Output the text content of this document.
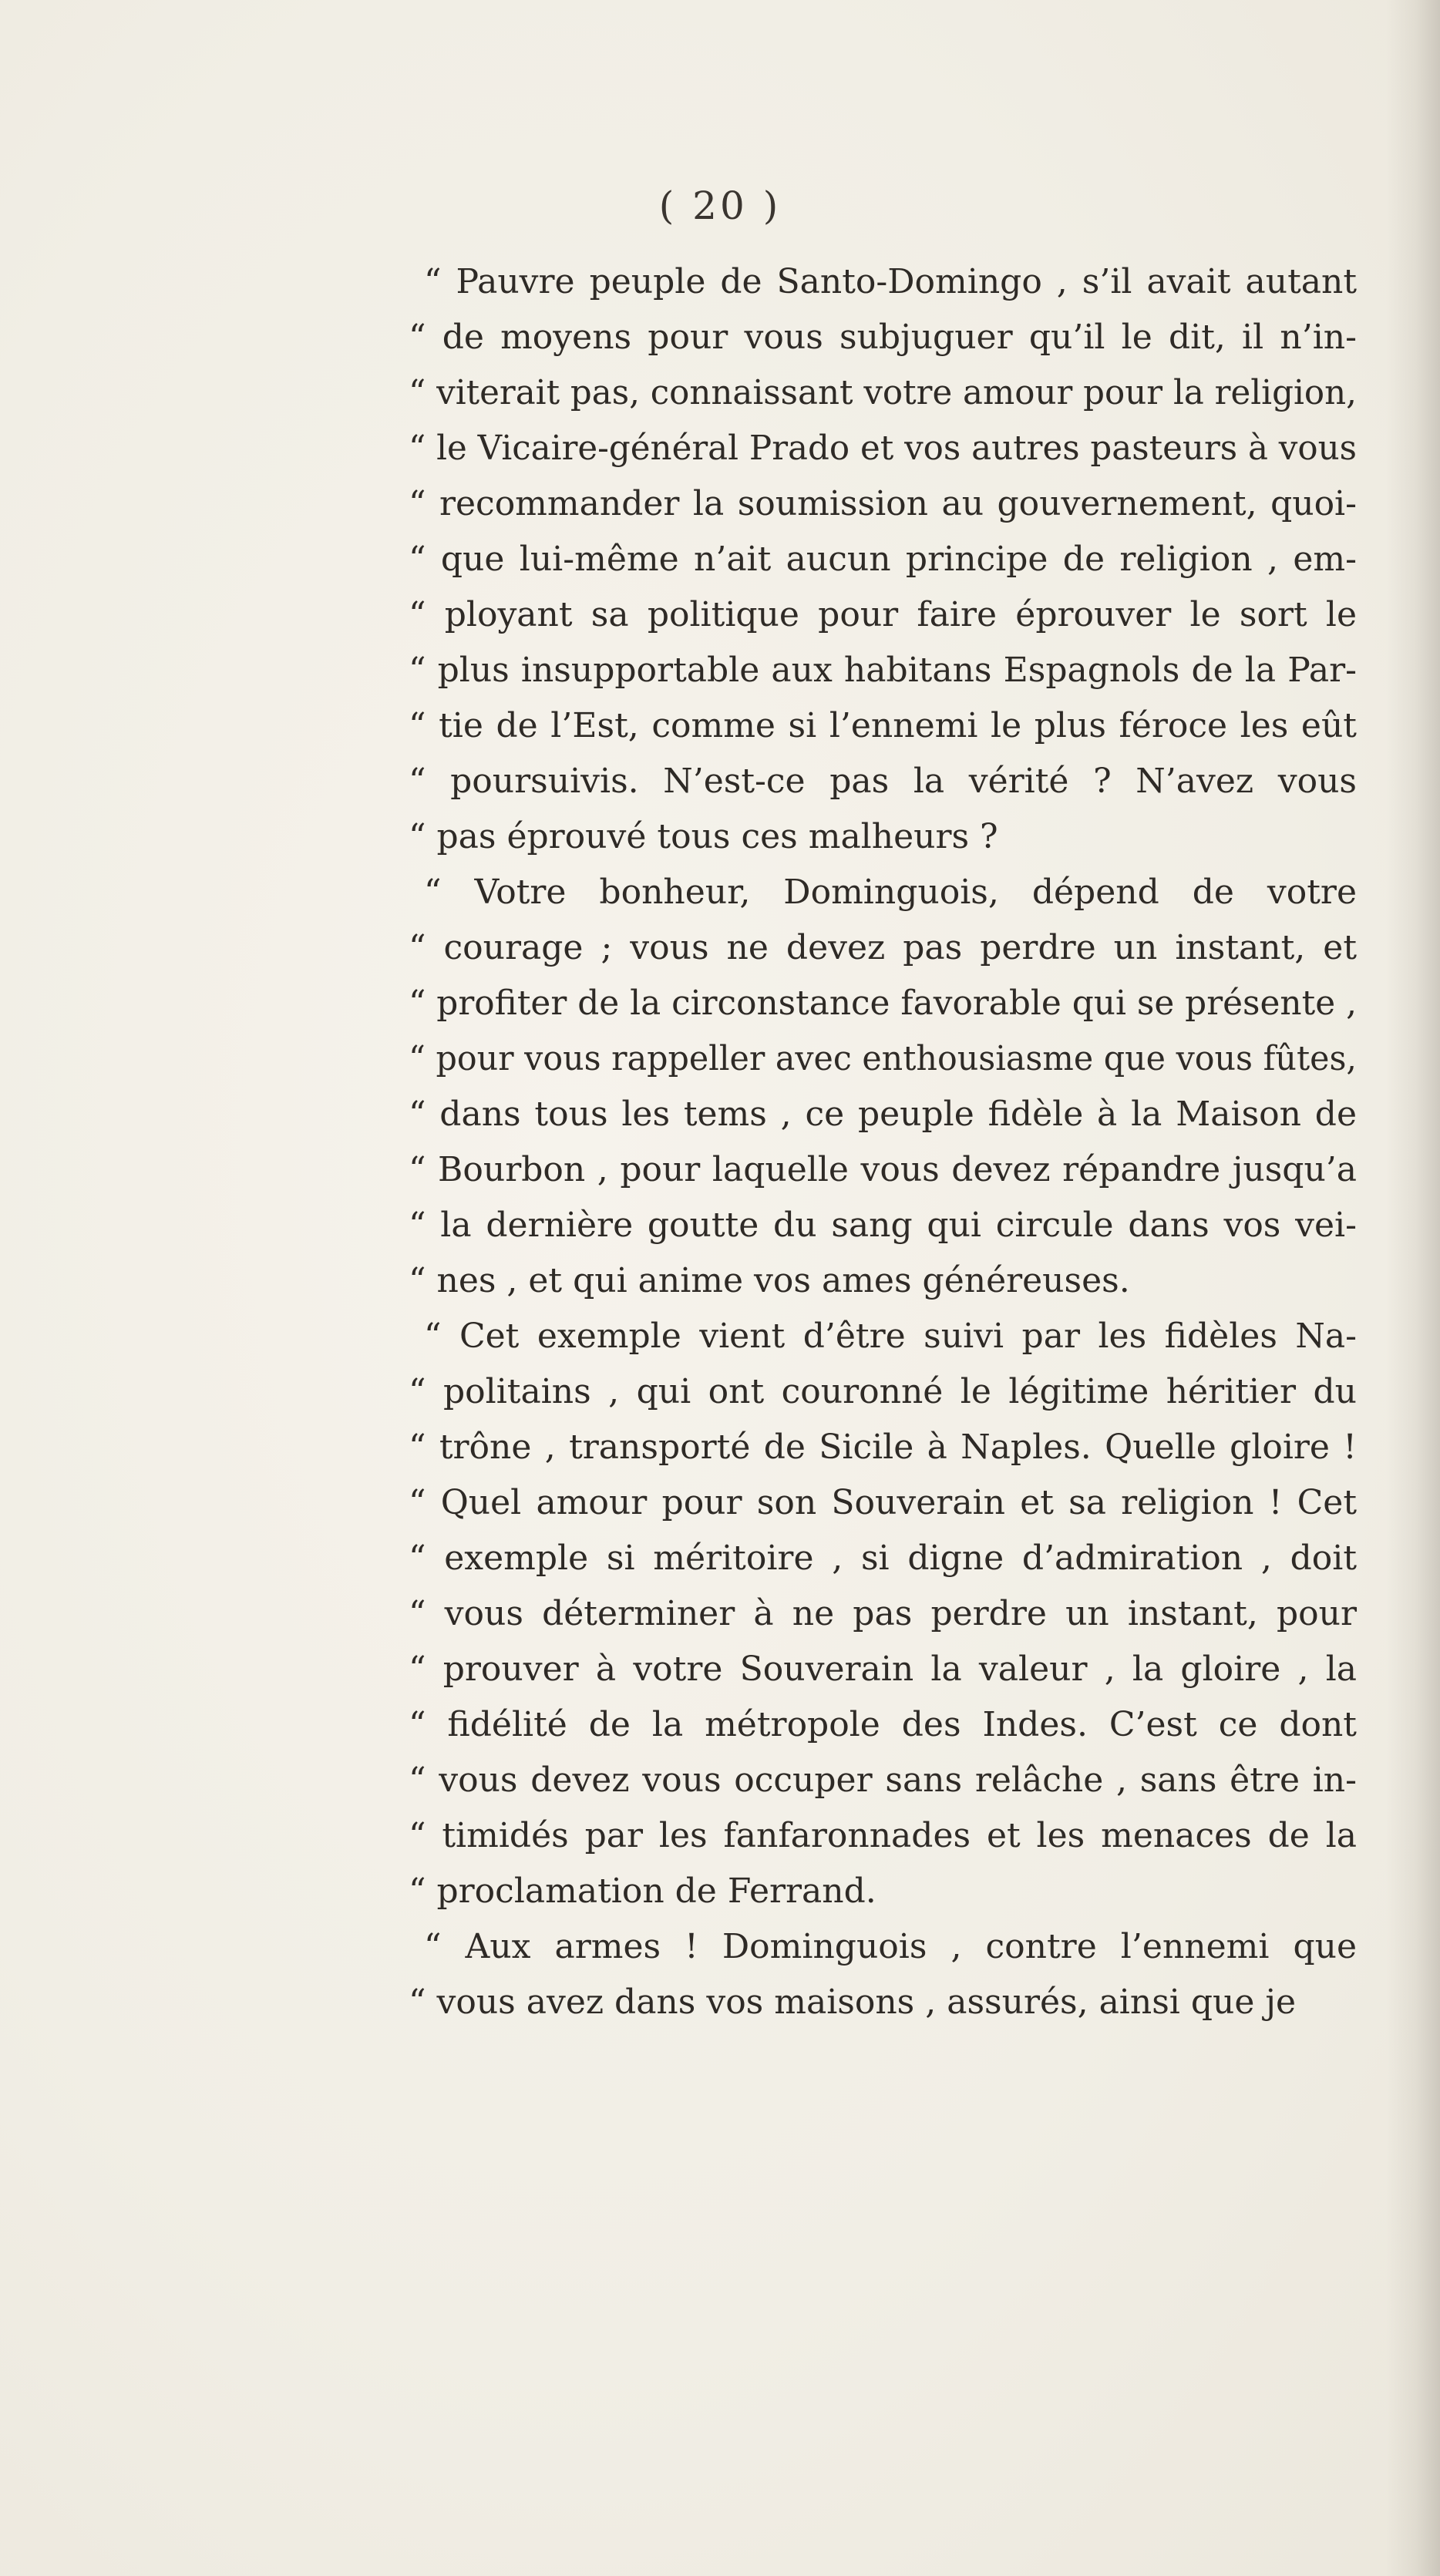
( 20 )
“ Pauvre peuple de Santo-Domingo , s’il avait autant
“ de moyens pour vous subjuguer qu’il le dit, il n’in-
“ viterait pas, connaissant votre amour pour la religion,
“ le Vicaire-général Prado et vos autres pasteurs à vous
“ recommander la soumission au gouvernement, quoi-
“ que lui-même n’ait aucun principe de religion , em-
“ ployant sa politique pour faire éprouver le sort le
“ plus insupportable aux habitans Espagnols de la Par-
“ tie de l’Est, comme si l’ennemi le plus féroce les eût
“ poursuivis. N’est-ce pas la vérité ? N’avez vous
“ pas éprouvé tous ces malheurs ?
“ Votre bonheur, Dominguois, dépend de votre
“ courage ; vous ne devez pas perdre un instant, et
“ profiter de la circonstance favorable qui se présente ,
“ pour vous rappeller avec enthousiasme que vous fûtes,
“ dans tous les tems , ce peuple fidèle à la Maison de
“ Bourbon , pour laquelle vous devez répandre jusqu’a
“ la dernière goutte du sang qui circule dans vos vei-
“ nes , et qui anime vos ames généreuses.
“ Cet exemple vient d’être suivi par les fidèles Na-
“ politains , qui ont couronné le légitime héritier du
“ trône , transporté de Sicile à Naples. Quelle gloire !
“ Quel amour pour son Souverain et sa religion ! Cet
“ exemple si méritoire , si digne d’admiration , doit
“ vous déterminer à ne pas perdre un instant, pour
“ prouver à votre Souverain la valeur , la gloire , la
“ fidélité de la métropole des Indes. C’est ce dont
“ vous devez vous occuper sans relâche , sans être in-
“ timidés par les fanfaronnades et les menaces de la
“ proclamation de Ferrand.
“ Aux armes ! Dominguois , contre l’ennemi que
“ vous avez dans vos maisons , assurés, ainsi que je
